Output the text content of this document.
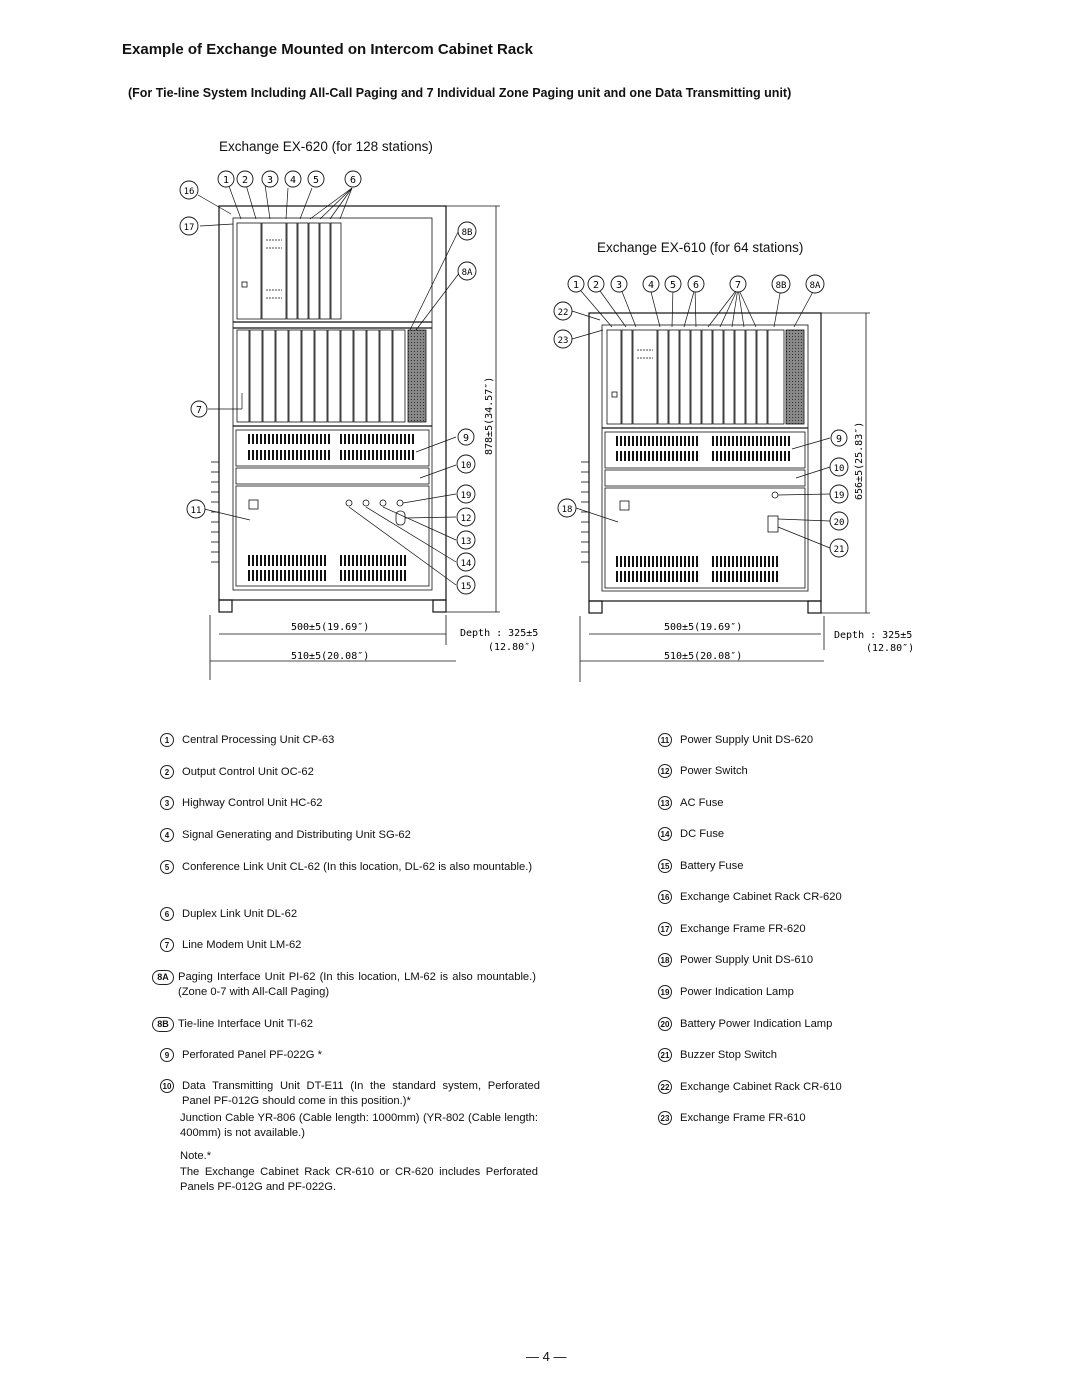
Example of Exchange Mounted on Intercom Cabinet Rack

(For Tie-line System Including All-Call Paging and 7 Individual Zone Paging unit and one Data Transmitting unit)

Exchange EX-620 (for 128 stations)
Exchange EX-610 (for 64 stations)
1 2 3 4 5	6
16
17	8B
8A
7
9
10
11
19
12
13
14
15
878±5(34.57″)
500±5(19.69″)
510±5(20.08″)
Depth : 325±5
(12.80″)
1 2 3	4 5 6	7	8B	8A
22
23
9
10
19
18
20
21
656±5(25.83″)
500±5(19.69″)
510±5(20.08″)
Depth : 325±5
(12.80″)
1	Central Processing Unit CP-63
2	Output Control Unit OC-62
3	Highway Control Unit HC-62
4	Signal Generating and Distributing Unit SG-62
5	Conference Link Unit CL-62 (In this location, DL-62 is also mountable.)
6	Duplex Link Unit DL-62
7	Line Modem Unit LM-62
8A Paging Interface Unit PI-62 (In this location, LM-62 is also mountable.) (Zone 0-7 with All-Call Paging)
8B Tie-line Interface Unit TI-62
9	Perforated Panel PF-022G *
10 Data Transmitting Unit DT-E11 (In the standard system, Perforated Panel PF-012G should come in this position.)*
Junction Cable YR-806 (Cable length: 1000mm) (YR-802 (Cable length: 400mm) is not available.)
Note.*
The Exchange Cabinet Rack CR-610 or CR-620 includes Perforated Panels PF-012G and PF-022G.
11 Power Supply Unit DS-620
12 Power Switch
13 AC Fuse
14 DC Fuse
15 Battery Fuse
16 Exchange Cabinet Rack CR-620
17 Exchange Frame FR-620
18 Power Supply Unit DS-610
19 Power Indication Lamp
20 Battery Power Indication Lamp
21 Buzzer Stop Switch
22 Exchange Cabinet Rack CR-610
23 Exchange Frame FR-610
— 4 —
